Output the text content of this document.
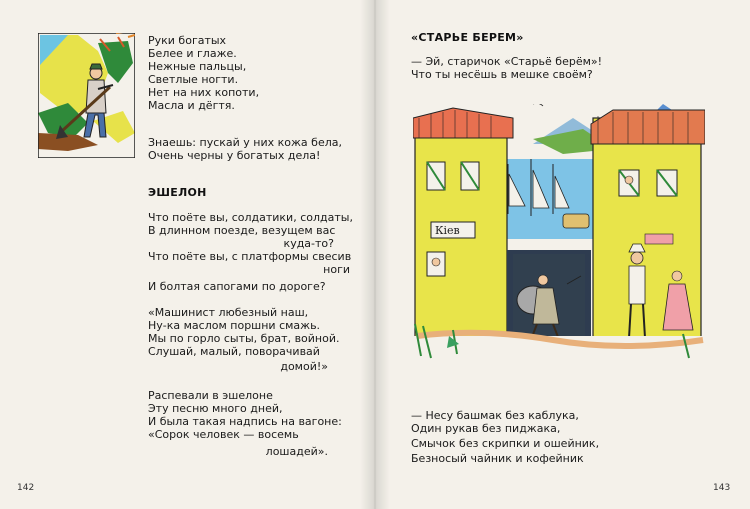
Руки богатых
Белее и глаже.
Нежные пальцы,
Светлые ногти.
Нет на них копоти,
Масла и дёгтя.
Знаешь: пускай у них кожа бела,
Очень черны у богатых дела!
ЭШЕЛОН
Что поёте вы, солдатики, солдаты,
В длинном поезде, везущем вас
куда-то?
Что поёте вы, с платформы свесив
ноги
И болтая сапогами по дороге?
«Машинист любезный наш,
Ну-ка маслом поршни смажь.
Мы по горло сыты, брат, войной.
Слушай, малый, поворачивай
домой!»
Распевали в эшелоне
Эту песню много дней,
И была такая надпись на вагоне:
«Сорок человек — восемь
лошадей».
142
«СТАРЬЕ БЕРЕМ»
— Эй, старичок «Старьё берём»!
Что ты несёшь в мешке своём?
Кіев
— Несу башмак без каблука,
Один рукав без пиджака,
Смычок без скрипки и ошейник,
Безносый чайник и кофейник
143
